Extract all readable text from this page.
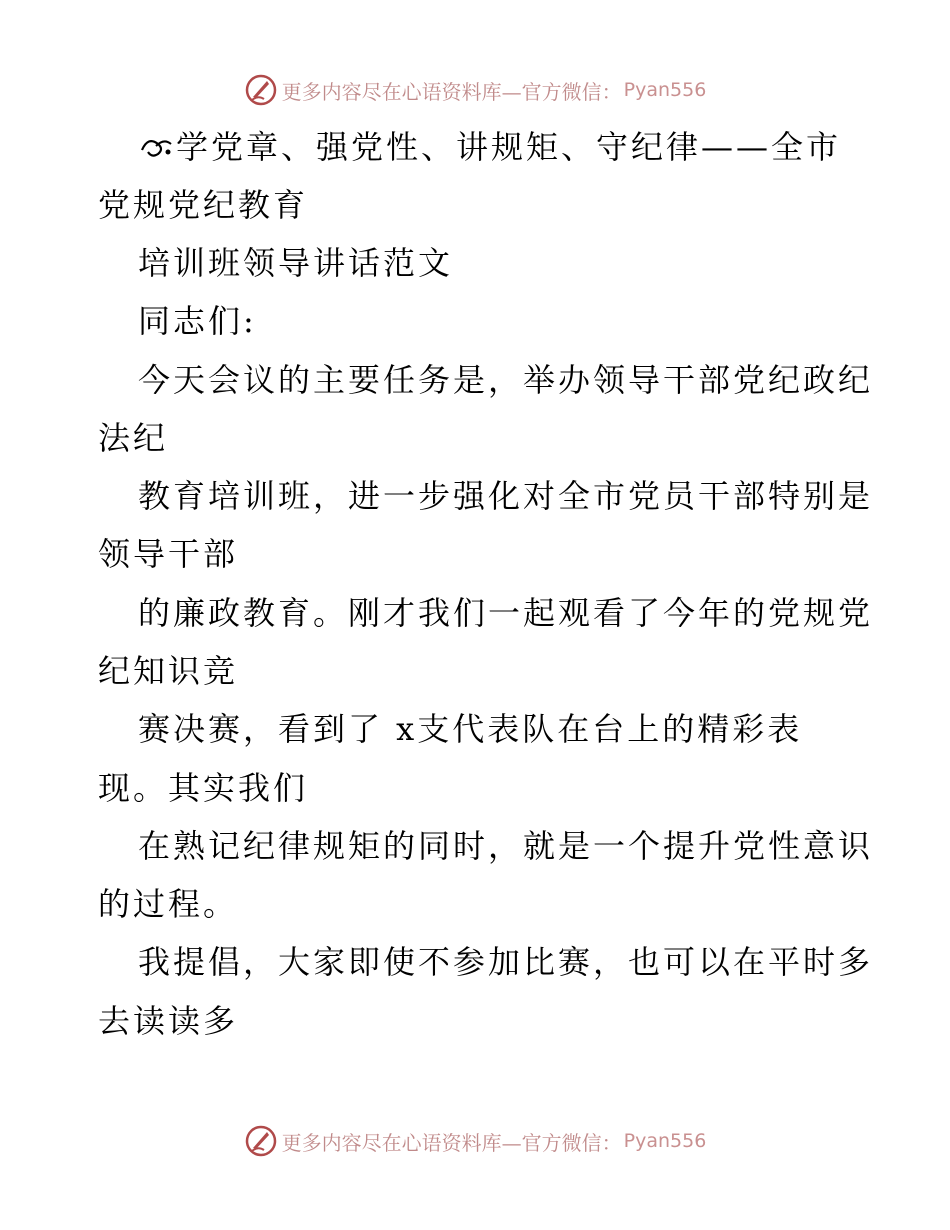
更多内容尽在心语资料库—官方微信： Pyan556
学党章、强党性、讲规矩、守纪律——全市
党规党纪教育
培训班领导讲话范文
同志们:
今天会议的主要任务是，举办领导干部党纪政纪
法纪
教育培训班，进一步强化对全市党员干部特别是
领导干部
的廉政教育。刚才我们一起观看了今年的党规党
纪知识竞
赛决赛，看到了 x支代表队在台上的精彩表
现。其实我们
在熟记纪律规矩的同时，就是一个提升党性意识
的过程。
我提倡，大家即使不参加比赛，也可以在平时多
去读读多
更多内容尽在心语资料库—官方微信： Pyan556
